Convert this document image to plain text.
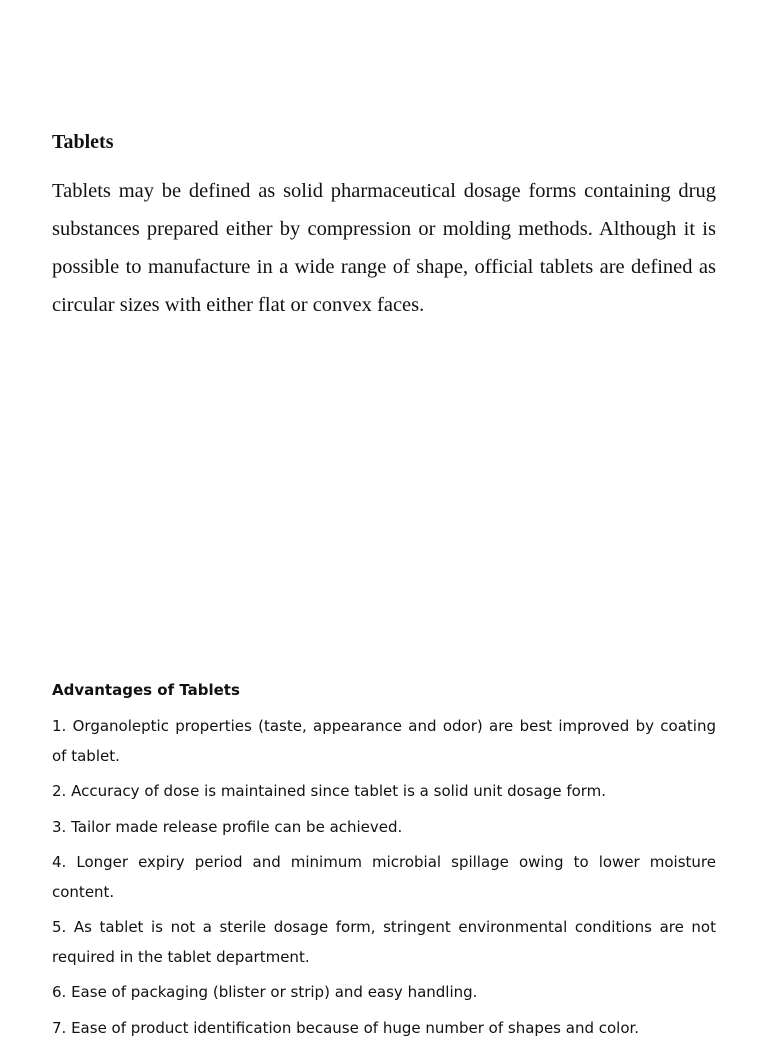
Tablets

Tablets may be defined as solid pharmaceutical dosage forms containing drug substances prepared either by compression or molding methods. Although it is possible to manufacture in a wide range of shape, official tablets are defined as circular sizes with either flat or convex faces.

Advantages of Tablets
1. Organoleptic properties (taste, appearance and odor) are best improved by coating of tablet.
2. Accuracy of dose is maintained since tablet is a solid unit dosage form.
3. Tailor made release profile can be achieved.
4. Longer expiry period and minimum microbial spillage owing to lower moisture content.
5. As tablet is not a sterile dosage form, stringent environmental conditions are not required in the tablet department.
6. Ease of packaging (blister or strip) and easy handling.
7. Ease of product identification because of huge number of shapes and color.
